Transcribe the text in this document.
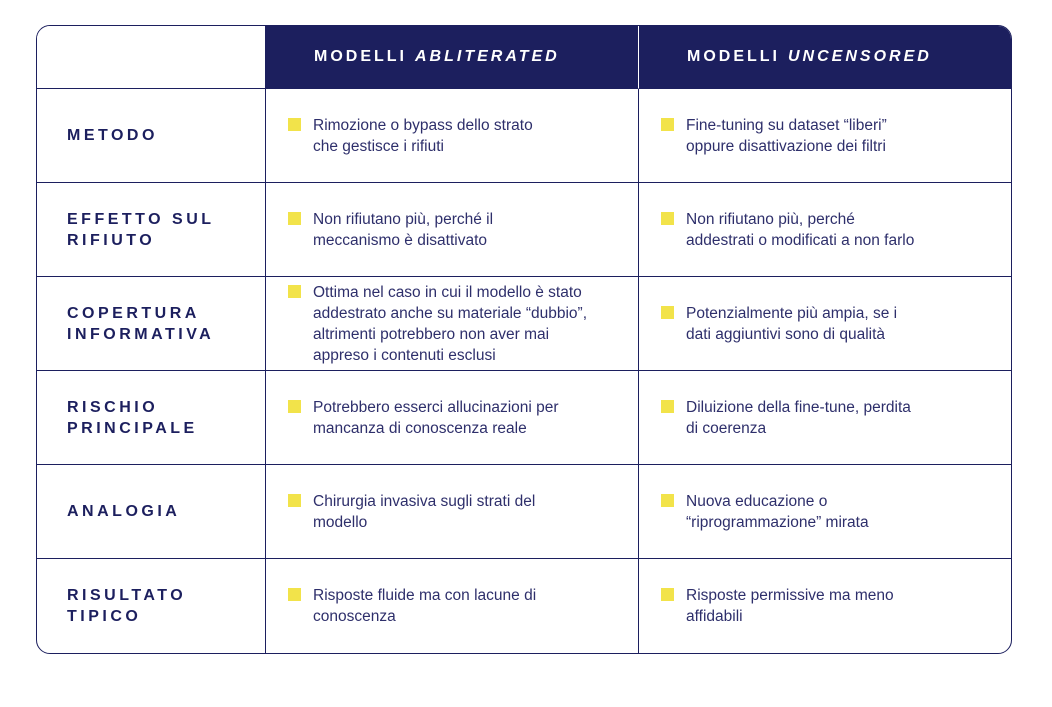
MODELLI ABLITERATED	MODELLI UNCENSORED
METODO
Rimozione o bypass dello strato
che gestisce i rifiuti
Fine-tuning su dataset “liberi”
oppure disattivazione dei filtri
EFFETTO SUL
RIFIUTO
Non rifiutano più, perché il
meccanismo è disattivato
Non rifiutano più, perché
addestrati o modificati a non farlo
COPERTURA
INFORMATIVA
Ottima nel caso in cui il modello è stato
addestrato anche su materiale “dubbio”,
altrimenti potrebbero non aver mai
appreso i contenuti esclusi
Potenzialmente più ampia, se i
dati aggiuntivi sono di qualità
RISCHIO
PRINCIPALE
Potrebbero esserci allucinazioni per
mancanza di conoscenza reale
Diluizione della fine-tune, perdita
di coerenza
ANALOGIA
Chirurgia invasiva sugli strati del
modello
Nuova educazione o
“riprogrammazione” mirata
RISULTATO
TIPICO
Risposte fluide ma con lacune di
conoscenza
Risposte permissive ma meno
affidabili
